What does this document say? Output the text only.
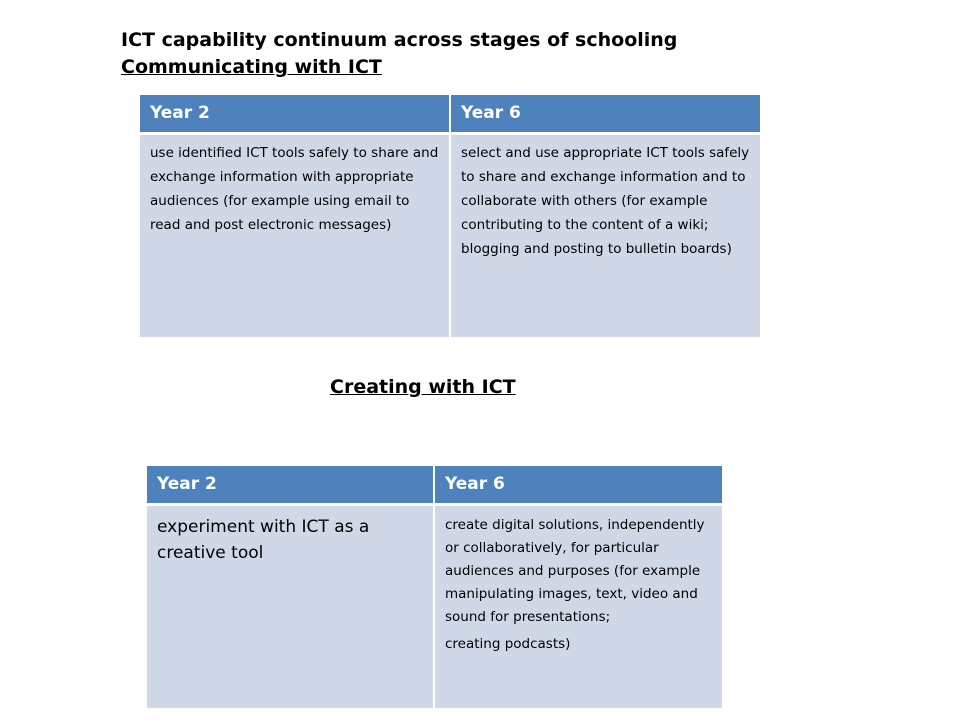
ICT capability continuum across stages of schooling
Communicating with ICT
Year 2	Year 6
use identified ICT tools safely to share and exchange information with appropriate audiences (for example using email to read and post electronic messages)	select and use appropriate ICT tools safely to share and exchange information and to collaborate with others (for example contributing to the content of a wiki; blogging and posting to bulletin boards)
Creating with ICT
Year 2	Year 6
experiment with ICT as a creative tool	create digital solutions, independently or collaboratively, for particular audiences and purposes (for example manipulating images, text, video and sound for presentations;
creating podcasts)
